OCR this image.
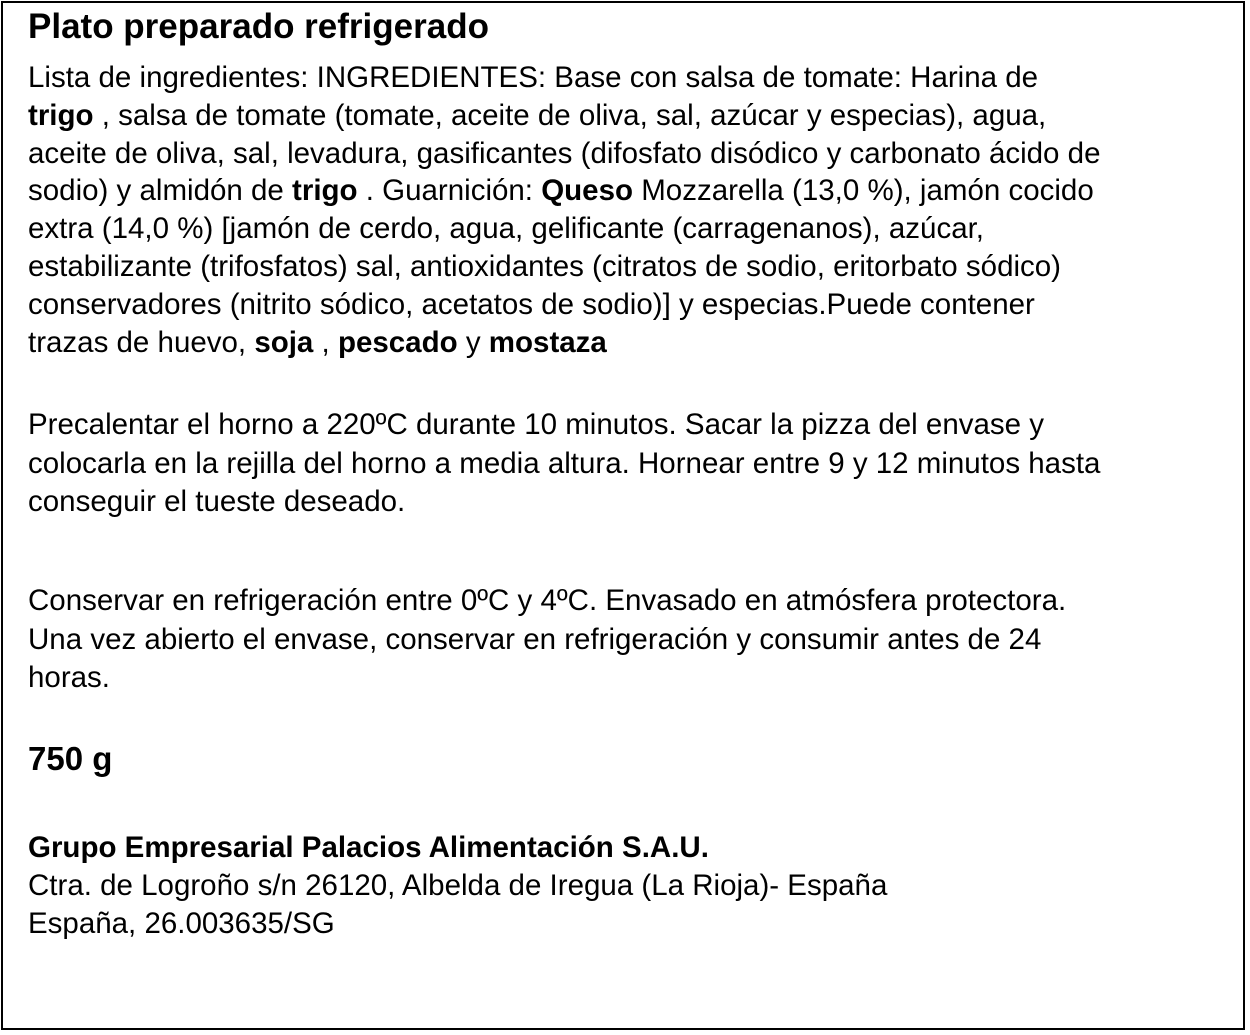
Plato preparado refrigerado
Lista de ingredientes: INGREDIENTES: Base con salsa de tomate: Harina de
trigo , salsa de tomate (tomate, aceite de oliva, sal, azúcar y especias), agua,
aceite de oliva, sal, levadura, gasificantes (difosfato disódico y carbonato ácido de
sodio) y almidón de trigo . Guarnición: Queso Mozzarella (13,0 %), jamón cocido
extra (14,0 %) [jamón de cerdo, agua, gelificante (carragenanos), azúcar,
estabilizante (trifosfatos) sal, antioxidantes (citratos de sodio, eritorbato sódico)
conservadores (nitrito sódico, acetatos de sodio)] y especias.Puede contener
trazas de huevo, soja , pescado y mostaza
Precalentar el horno a 220ºC durante 10 minutos. Sacar la pizza del envase y
colocarla en la rejilla del horno a media altura. Hornear entre 9 y 12 minutos hasta
conseguir el tueste deseado.
Conservar en refrigeración entre 0ºC y 4ºC. Envasado en atmósfera protectora.
Una vez abierto el envase, conservar en refrigeración y consumir antes de 24
horas.
750 g
Grupo Empresarial Palacios Alimentación S.A.U.
Ctra. de Logroño s/n 26120, Albelda de Iregua (La Rioja)- España
España, 26.003635/SG
